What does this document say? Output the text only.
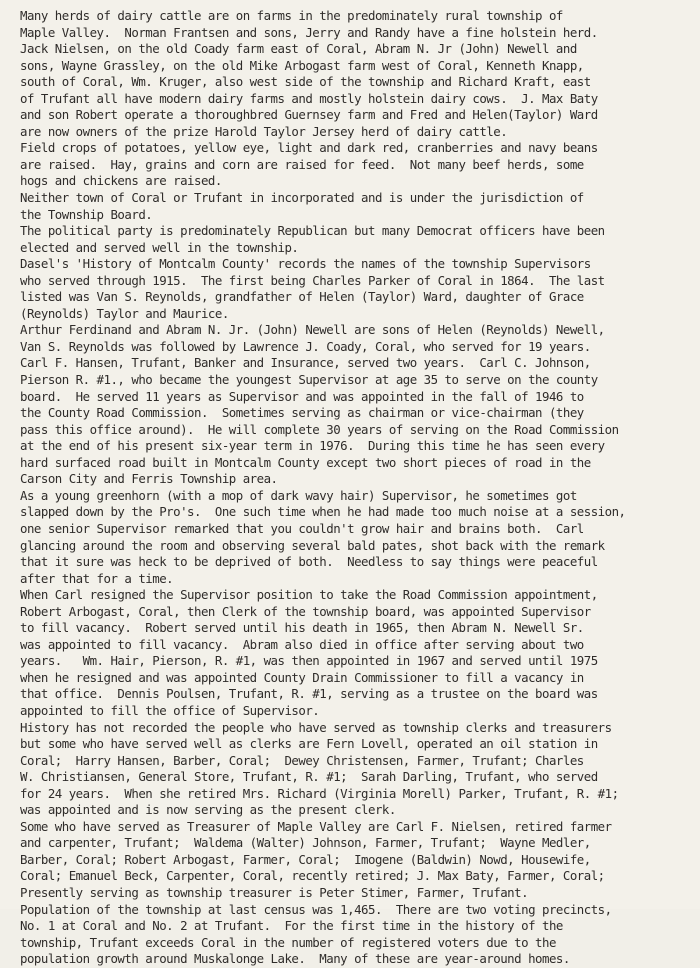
Many herds of dairy cattle are on farms in the predominately rural township of

Maple Valley.  Norman Frantsen and sons, Jerry and Randy have a fine holstein herd.

Jack Nielsen, on the old Coady farm east of Coral, Abram N. Jr (John) Newell and

sons, Wayne Grassley, on the old Mike Arbogast farm west of Coral, Kenneth Knapp,

south of Coral, Wm. Kruger, also west side of the township and Richard Kraft, east

of Trufant all have modern dairy farms and mostly holstein dairy cows.  J. Max Baty

and son Robert operate a thoroughbred Guernsey farm and Fred and Helen(Taylor) Ward

are now owners of the prize Harold Taylor Jersey herd of dairy cattle.

Field crops of potatoes, yellow eye, light and dark red, cranberries and navy beans

are raised.  Hay, grains and corn are raised for feed.  Not many beef herds, some

hogs and chickens are raised.

Neither town of Coral or Trufant in incorporated and is under the jurisdiction of

the Township Board.

The political party is predominately Republican but many Democrat officers have been

elected and served well in the township.

Dasel's 'History of Montcalm County' records the names of the township Supervisors

who served through 1915.  The first being Charles Parker of Coral in 1864.  The last

listed was Van S. Reynolds, grandfather of Helen (Taylor) Ward, daughter of Grace

(Reynolds) Taylor and Maurice.

Arthur Ferdinand and Abram N. Jr. (John) Newell are sons of Helen (Reynolds) Newell,

Van S. Reynolds was followed by Lawrence J. Coady, Coral, who served for 19 years.

Carl F. Hansen, Trufant, Banker and Insurance, served two years.  Carl C. Johnson,

Pierson R. #1., who became the youngest Supervisor at age 35 to serve on the county

board.  He served 11 years as Supervisor and was appointed in the fall of 1946 to

the County Road Commission.  Sometimes serving as chairman or vice-chairman (they

pass this office around).  He will complete 30 years of serving on the Road Commission

at the end of his present six-year term in 1976.  During this time he has seen every

hard surfaced road built in Montcalm County except two short pieces of road in the

Carson City and Ferris Township area.

As a young greenhorn (with a mop of dark wavy hair) Supervisor, he sometimes got

slapped down by the Pro's.  One such time when he had made too much noise at a session,

one senior Supervisor remarked that you couldn't grow hair and brains both.  Carl

glancing around the room and observing several bald pates, shot back with the remark

that it sure was heck to be deprived of both.  Needless to say things were peaceful

after that for a time.

When Carl resigned the Supervisor position to take the Road Commission appointment,

Robert Arbogast, Coral, then Clerk of the township board, was appointed Supervisor

to fill vacancy.  Robert served until his death in 1965, then Abram N. Newell Sr.

was appointed to fill vacancy.  Abram also died in office after serving about two

years.   Wm. Hair, Pierson, R. #1, was then appointed in 1967 and served until 1975

when he resigned and was appointed County Drain Commissioner to fill a vacancy in

that office.  Dennis Poulsen, Trufant, R. #1, serving as a trustee on the board was

appointed to fill the office of Supervisor.

History has not recorded the people who have served as township clerks and treasurers

but some who have served well as clerks are Fern Lovell, operated an oil station in

Coral;  Harry Hansen, Barber, Coral;  Dewey Christensen, Farmer, Trufant; Charles

W. Christiansen, General Store, Trufant, R. #1;  Sarah Darling, Trufant, who served

for 24 years.  When she retired Mrs. Richard (Virginia Morell) Parker, Trufant, R. #1;

was appointed and is now serving as the present clerk.

Some who have served as Treasurer of Maple Valley are Carl F. Nielsen, retired farmer

and carpenter, Trufant;  Waldema (Walter) Johnson, Farmer, Trufant;  Wayne Medler,

Barber, Coral; Robert Arbogast, Farmer, Coral;  Imogene (Baldwin) Nowd, Housewife,

Coral; Emanuel Beck, Carpenter, Coral, recently retired; J. Max Baty, Farmer, Coral;

Presently serving as township treasurer is Peter Stimer, Farmer, Trufant.

Population of the township at last census was 1,465.  There are two voting precincts,

No. 1 at Coral and No. 2 at Trufant.  For the first time in the history of the

township, Trufant exceeds Coral in the number of registered voters due to the

population growth around Muskalonge Lake.  Many of these are year-around homes.
